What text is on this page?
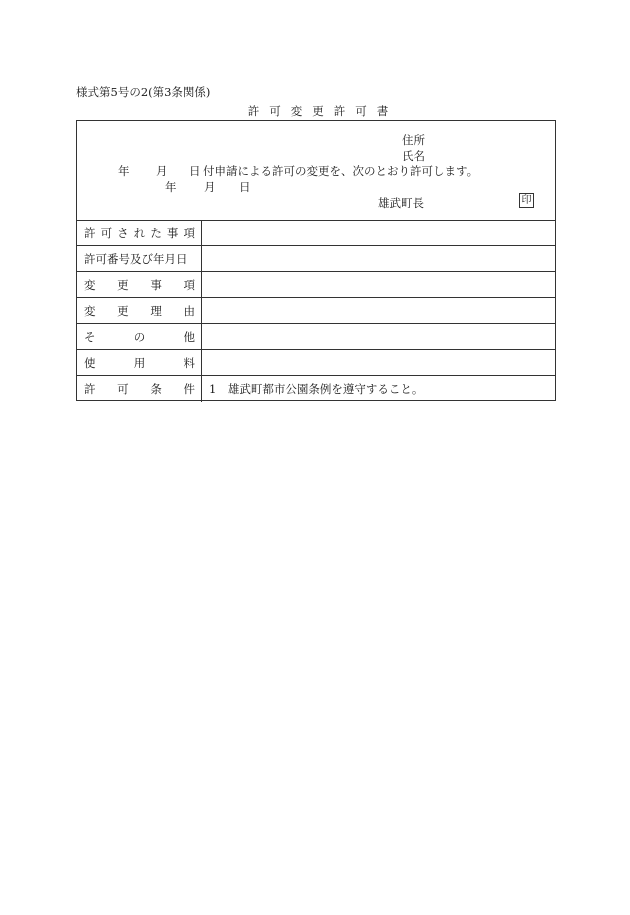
様式第5号の2(第3条関係)
許可変更許可書
住所
氏名
年 月 日 付申請による許可の変更を、次のとおり許可します。
年 月 日
雄武町長	印
許 可 さ れ た 事 項
許可番号及び年月日
変 更 事 項
変 更 理 由
そ	の	他
使	用	料
許 可 条 件 1　雄武町都市公園条例を遵守すること。
